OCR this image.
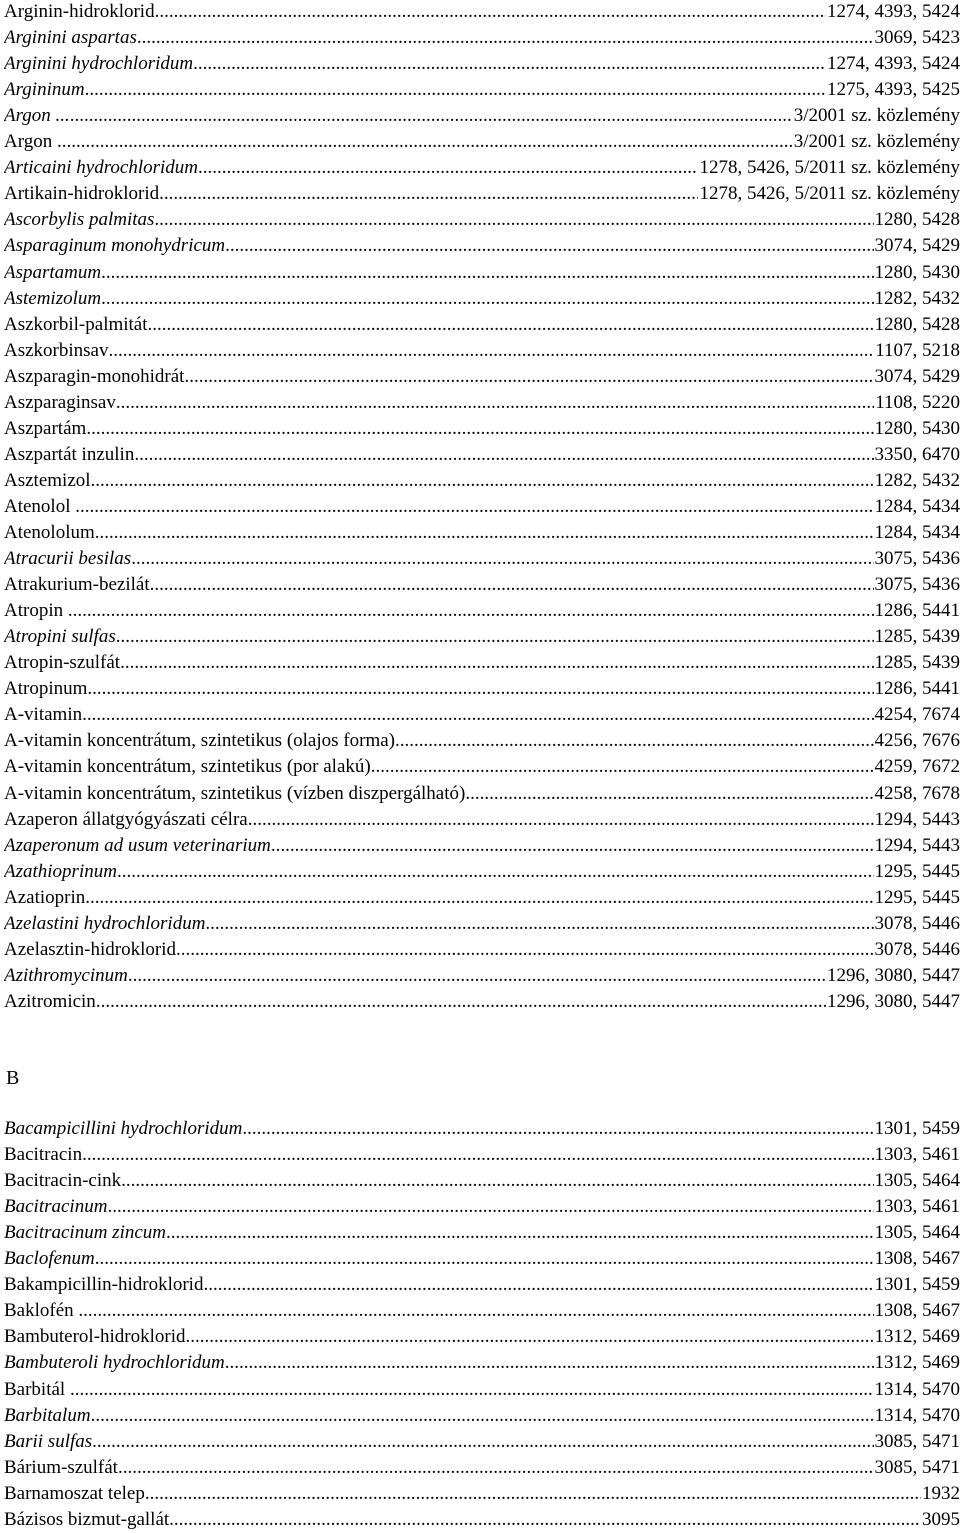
Arginin-hidroklorid .....	1274, 4393, 5424
Arginini aspartas .....	3069, 5423
Arginini hydrochloridum .....	1274, 4393, 5424
Argininum .....	1275, 4393, 5425
Argon ... .....	3/2001 sz. közlemény
Argon ... .....	3/2001 sz. közlemény
Articaini hydrochloridum .....	1278, 5426, 5/2011 sz. közlemény
Artikain-hidroklorid .....	1278, 5426, 5/2011 sz. közlemény
Ascorbylis palmitas .....	1280, 5428
Asparaginum monohydricum .....	3074, 5429
Aspartamum .....	1280, 5430
Astemizolum .....	1282, 5432
Aszkorbil-palmitát .....	1280, 5428
Aszkorbinsav .....	1107, 5218
Aszparagin-monohidrát .....	3074, 5429
Aszparaginsav .....	1108, 5220
Aszpartám .....	1280, 5430
Aszpartát inzulin .....	3350, 6470
Asztemizol .....	1282, 5432
Atenolol ... .....	1284, 5434
Atenololum .....	1284, 5434
Atracurii besilas .....	3075, 5436
Atrakurium-bezilát .....	3075, 5436
Atropin ... .....	1286, 5441
Atropini sulfas .....	1285, 5439
Atropin-szulfát .....	1285, 5439
Atropinum .....	1286, 5441
A-vitamin. .....	4254, 7674
A-vitamin koncentrátum, szintetikus (olajos forma) .....	4256, 7676
A-vitamin koncentrátum, szintetikus (por alakú) .....	4259, 7672
A-vitamin koncentrátum, szintetikus (vízben diszpergálható) .....	4258, 7678
Azaperon állatgyógyászati célra .....	1294, 5443
Azaperonum ad usum veterinarium .....	1294, 5443
Azathioprinum .....	1295, 5445
Azatioprin .....	1295, 5445
Azelastini hydrochloridum .....	3078, 5446
Azelasztin-hidroklorid .....	3078, 5446
Azithromycinum .....	1296, 3080, 5447
Azitromicin .....	1296, 3080, 5447
B
Bacampicillini hydrochloridum .....	1301, 5459
Bacitracin .....	1303, 5461
Bacitracin-cink .....	1305, 5464
Bacitracinum .....	1303, 5461
Bacitracinum zincum .....	1305, 5464
Baclofenum .....	1308, 5467
Bakampicillin-hidroklorid .....	1301, 5459
Baklofén .. .....	1308, 5467
Bambuterol-hidroklorid .....	1312, 5469
Bambuteroli hydrochloridum .....	1312, 5469
Barbitál .... .....	1314, 5470
Barbitalum .....	1314, 5470
Barii sulfas .....	3085, 5471
Bárium-szulfát .....	3085, 5471
Barnamoszat telep .....	1932
Bázisos bizmut-gallát .....	3095
